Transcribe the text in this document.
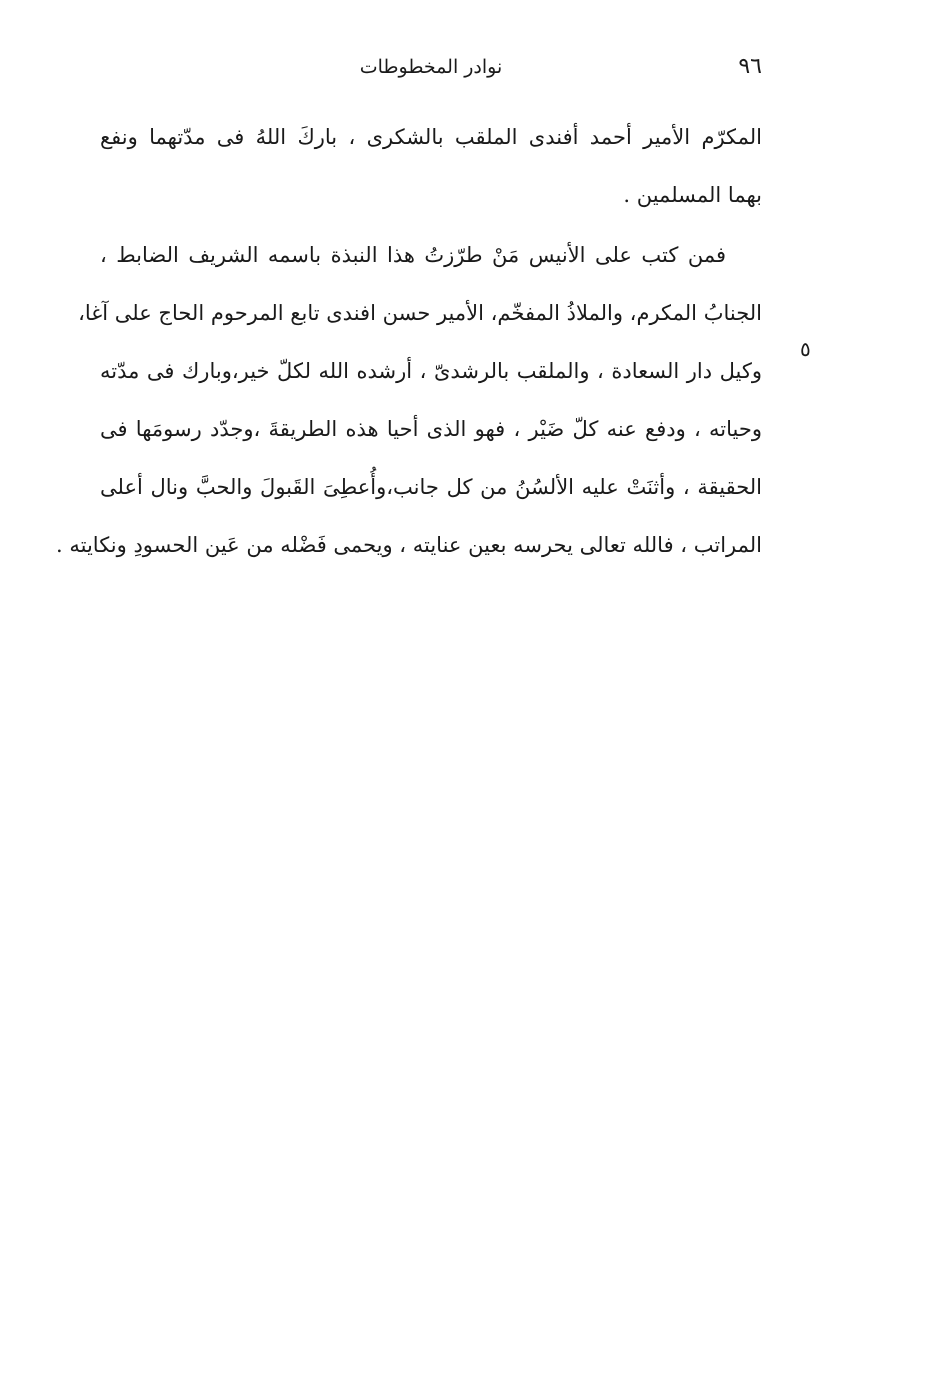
٩٦
نوادر المخطوطات

المكرّم الأمير أحمد أفندى الملقب بالشكرى ، باركَ اللهُ فى مدّتهما ونفع
بهما المسلمين .

فمن كتب على الأنيس مَنْ طرّزتُ هذا النبذة باسمه الشريف الضابط ،
الجنابُ المكرم، والملاذُ المفخّم، الأمير حسن افندى تابع المرحوم الحاج على آغا،
وكيل دار السعادة ، والملقب بالرشدىّ ، أرشده الله لكلّ خير،وبارك فى مدّته
وحياته ، ودفع عنه كلّ ضَيْر ، فهو الذى أحيا هذه الطريقةَ ،وجدّد رسومَها فى
الحقيقة ، وأثنَتْ عليه الألسُنُ من كل جانب،وأُعطِىَ القَبولَ والحبَّ ونال أعلى
المراتب ، فالله تعالى يحرسه بعين عنايته ، ويحمى فَضْله من عَين الحسودِ ونكايته .

٥
